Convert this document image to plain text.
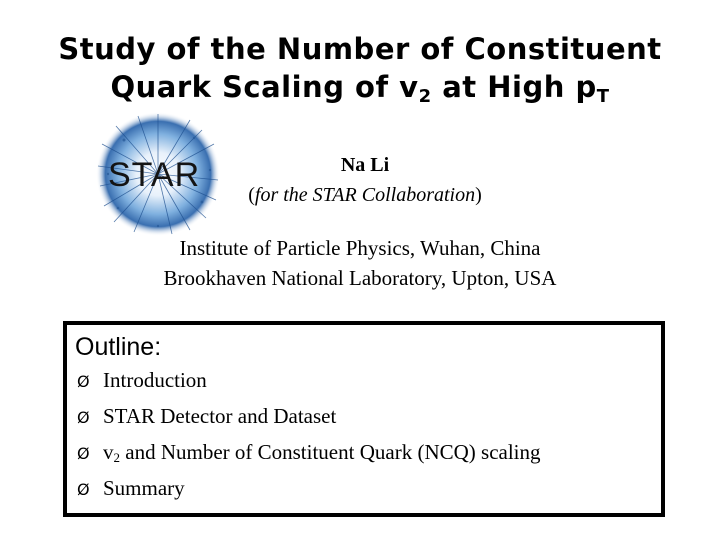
Study of the Number of Constituent
Quark Scaling of $v_2$ at High $p_T$
STAR	Na Li
(for the STAR Collaboration)
Institute of Particle Physics, Wuhan, China
Brookhaven National Laboratory, Upton, USA
Outline:
Ø Introduction
Ø STAR Detector and Dataset
Ø $v_2$ and Number of Constituent Quark (NCQ) scaling
Ø Summary
